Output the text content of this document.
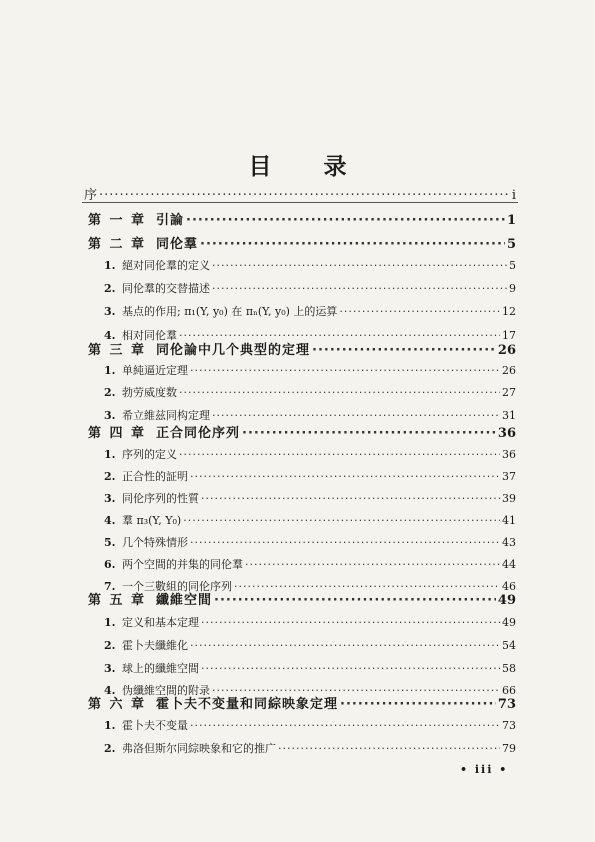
目 录
序 ·····	i
第 一 章 引論 ·····	1
第 二 章 同伦羣 ·····	5
1. 絕对同伦羣的定义 ·····	5
2. 同伦羣的交替描述 ·····	9
3. 基点的作用; π₁(Y, y₀) 在 πₙ(Y, y₀) 上的运算 ·····	12
4. 相对同伦羣 ·····	17
第 三 章 同伦論中几个典型的定理 ·····	26
1. 单純逼近定理 ·····	26
2. 勃劳威度数 ·····	27
3. 希立維兹同构定理 ·····	31
第 四 章 正合同伦序列 ·····	36
1. 序列的定义 ·····	36
2. 正合性的証明 ·····	37
3. 同伦序列的性質 ·····	39
4. 羣 π₃(Y, Y₀) ·····	41
5. 几个特殊情形 ·····	43
6. 两个空間的并集的同伦羣 ·····	44
7. 一个三數組的同伦序列 ·····	46
第 五 章 纖維空間 ·····	49
1. 定义和基本定理 ·····	49
2. 霍卜夫纖維化 ·····	54
3. 球上的纖維空間 ·····	58
4. 伪纖維空間的附录 ·····	66
第 六 章 霍卜夫不变量和同綜映象定理 ·····	73
1. 霍卜夫不变量 ·····	73
2. 弗洛但斯尔同綜映象和它的推广 ·····	79
• iii •
